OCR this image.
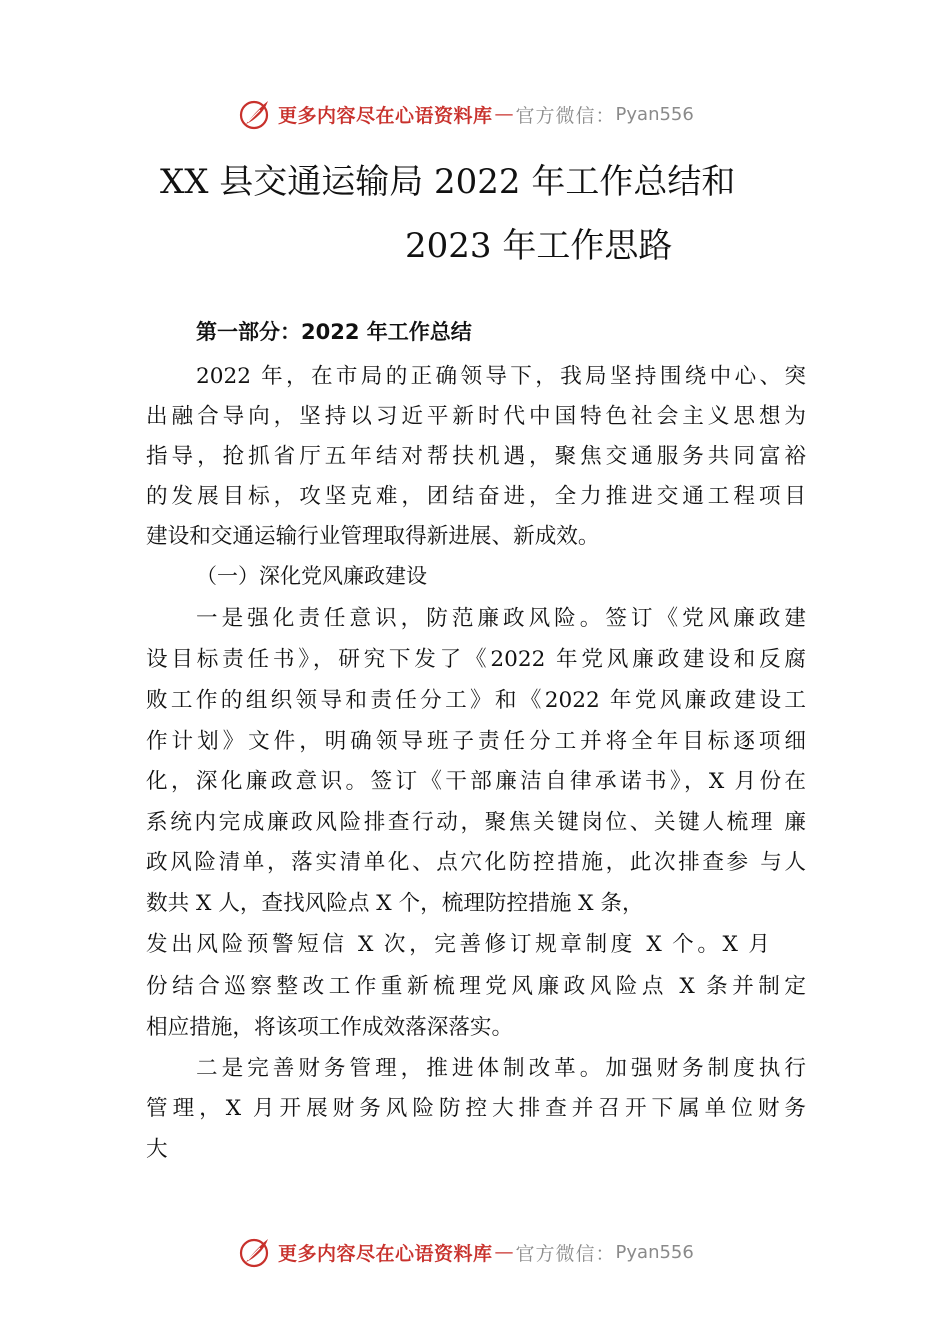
更多内容尽在心语资料库 — 官方微信： Pyan556
XX 县交通运输局 2022 年工作总结和
2023 年工作思路
第一部分：2022 年工作总结
2022 年，在市局的正确领导下，我局坚持围绕中心、突
出融合导向，坚持以习近平新时代中国特色社会主义思想为
指导，抢抓省厅五年结对帮扶机遇，聚焦交通服务共同富裕
的发展目标，攻坚克难，团结奋进，全力推进交通工程项目
建设和交通运输行业管理取得新进展、新成效。
（一）深化党风廉政建设
一是强化责任意识，防范廉政风险。签订《党风廉政建
设目标责任书》，研究下发了《2022 年党风廉政建设和反腐
败工作的组织领导和责任分工》和《2022 年党风廉政建设工
作计划》文件，明确领导班子责任分工并将全年目标逐项细
化，深化廉政意识。签订《干部廉洁自律承诺书》，X 月份在
系统内完成廉政风险排查行动，聚焦关键岗位、关键人梳理 廉
政风险清单，落实清单化、点穴化防控措施，此次排查参 与人
数共 X 人，查找风险点 X 个，梳理防控措施 X 条，
发出风险预警短信 X 次，完善修订规章制度 X 个。X 月
份结合巡察整改工作重新梳理党风廉政风险点 X 条并制定
相应措施，将该项工作成效落深落实。
二是完善财务管理，推进体制改革。加强财务制度执行
管理，X 月开展财务风险防控大排查并召开下属单位财务
大
更多内容尽在心语资料库 — 官方微信： Pyan556
